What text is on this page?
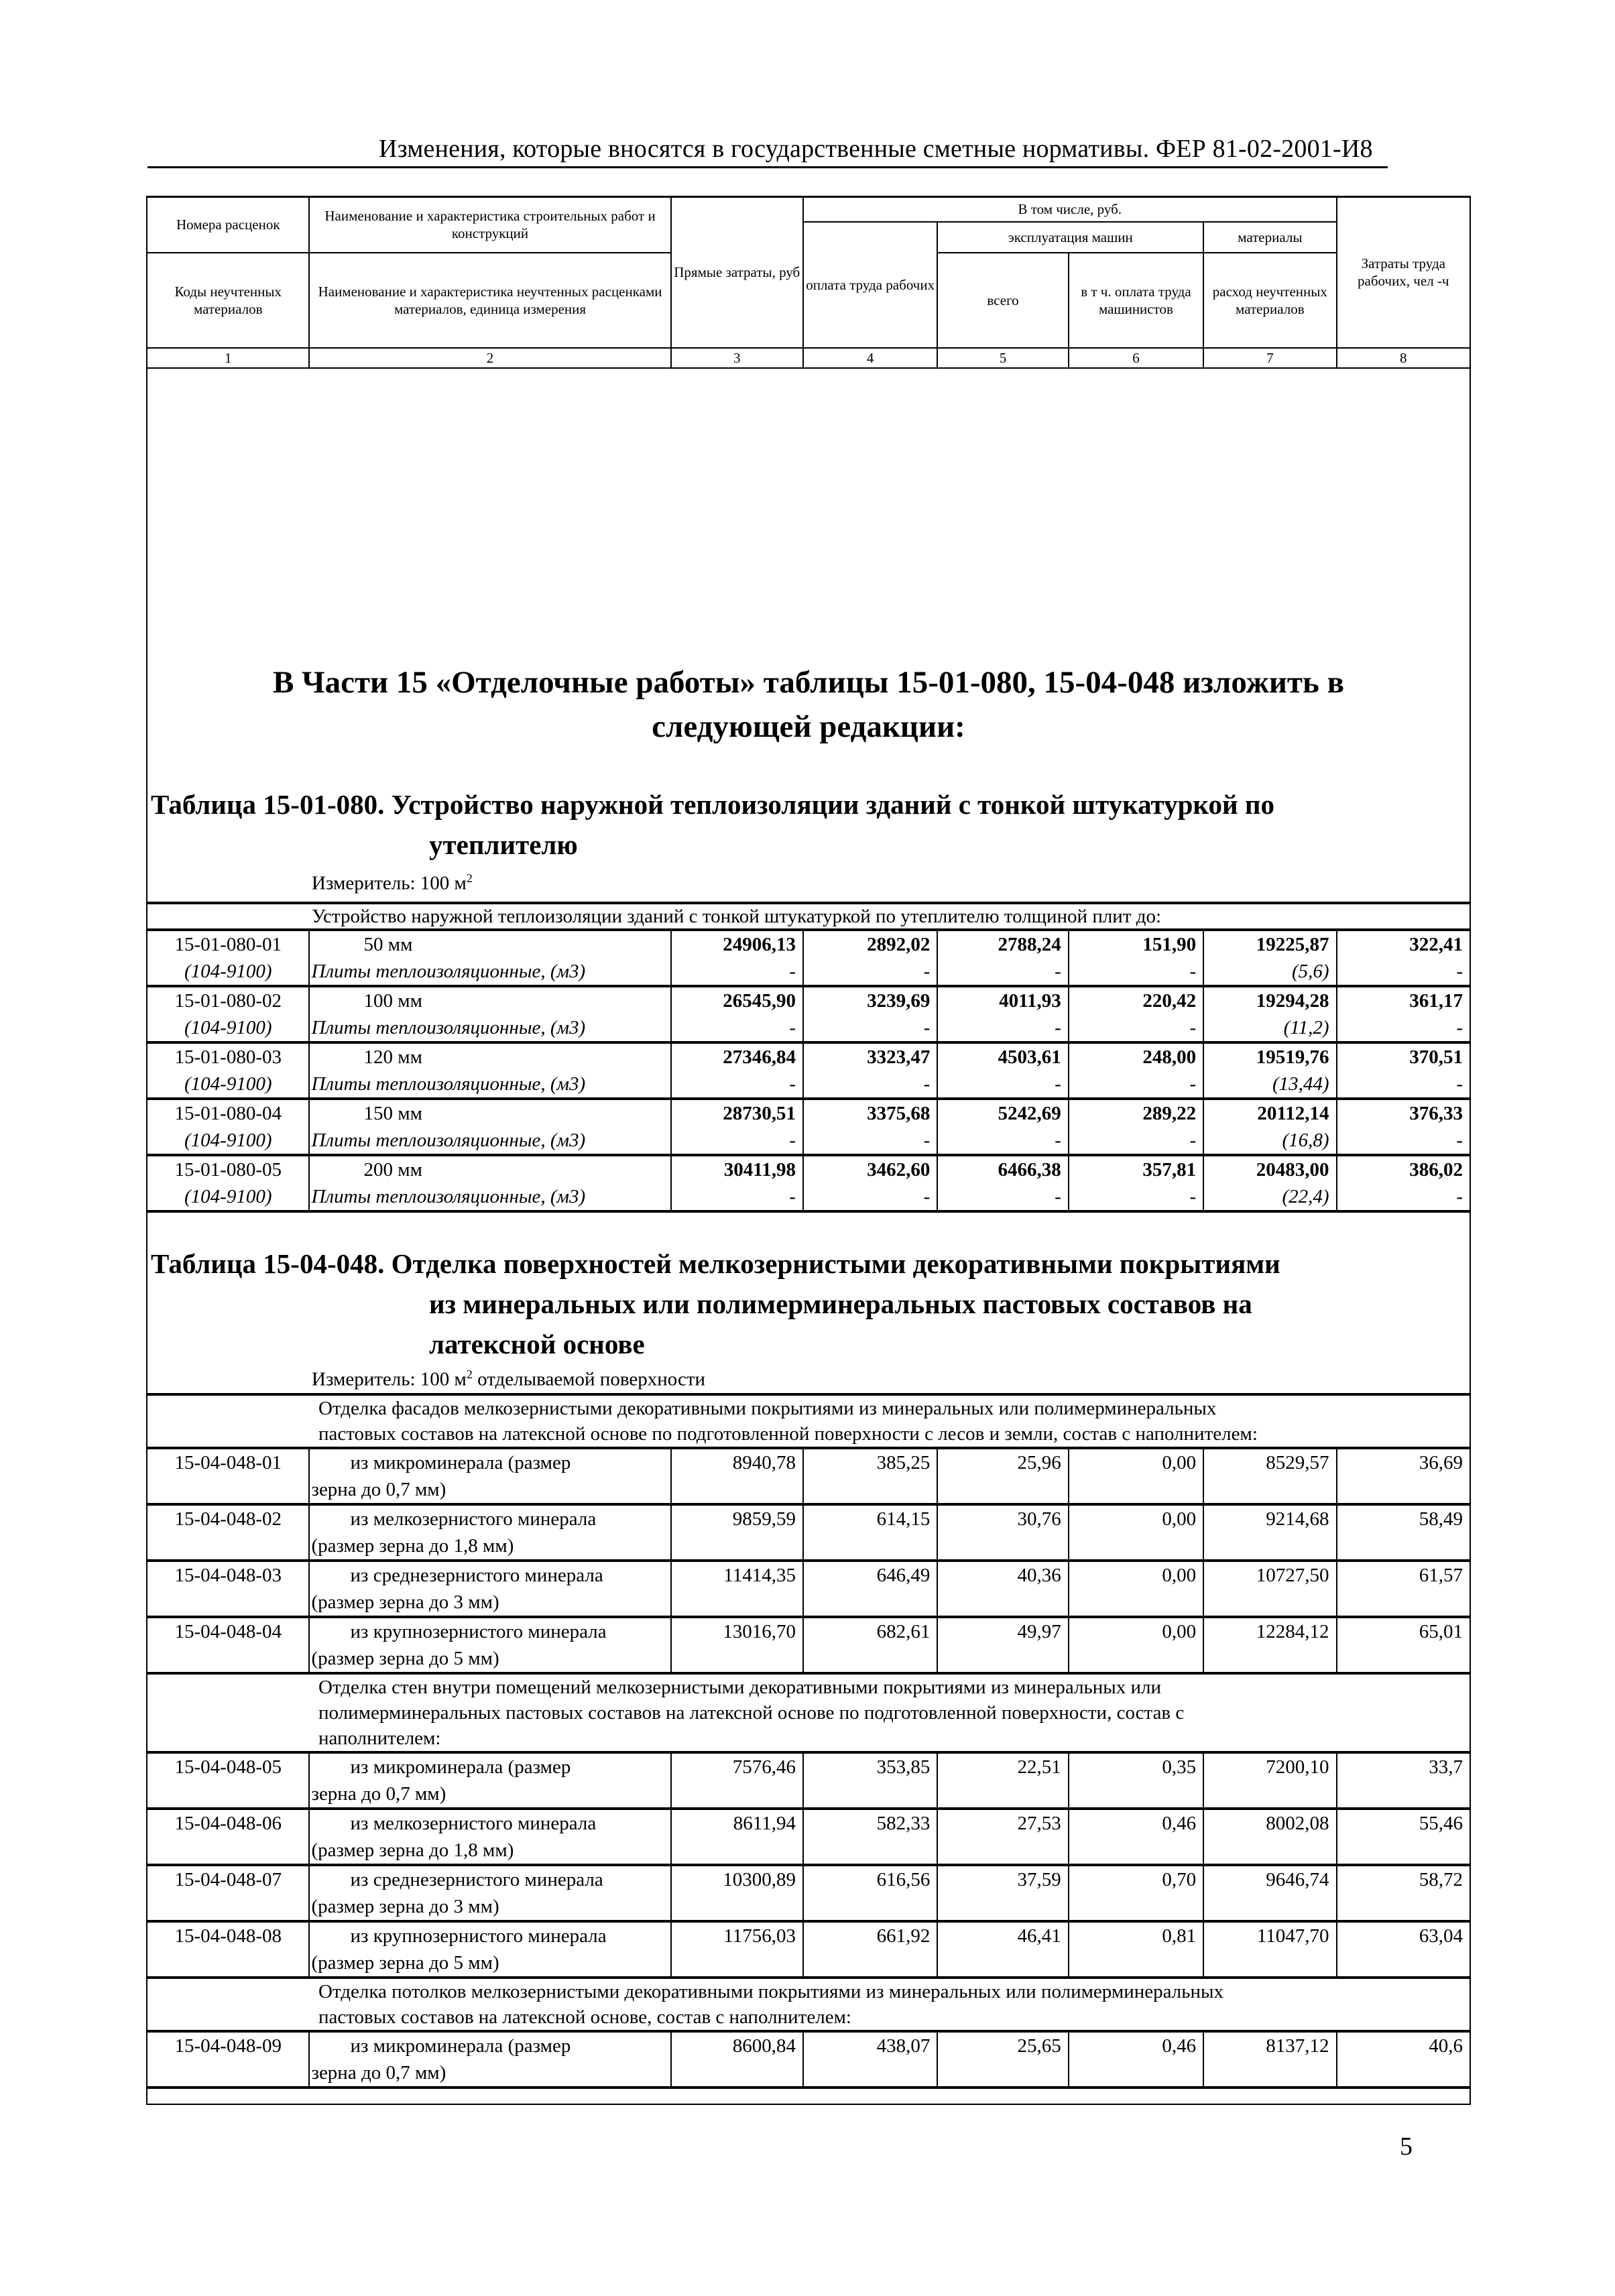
Изменения, которые вносятся в государственные сметные нормативы. ФЕР 81-02-2001-И8
Номера расценок	Наименование и характеристика строительных работ и конструкций	Прямые затраты, руб	В том числе, руб.				Затраты труда рабочих, чел -ч
			оплата труда рабочих	эксплуатация машин		материалы	
Коды неучтенных материалов	Наименование и характеристика неучтенных расценками материалов, единица измерения			всего	в т ч. оплата труда машинистов	расход неучтенных материалов	

1	2	3	4	5	6	7	8
В Части 15 «Отделочные работы» таблицы 15-01-080, 15-04-048 изложить в
следующей редакции:
Таблица 15-01-080. Устройство наружной теплоизоляции зданий с тонкой штукатуркой по
утеплителю
Измеритель: 100 $м^2$
Устройство наружной теплоизоляции зданий с тонкой штукатуркой по утеплителю толщиной плит до:							
15-01-080-01	50 мм	24906,13	2892,02	2788,24	151,90	19225,87	322,41
(104-9100)	Плиты теплоизоляционные, (м3)	-	-	-	-	(5,6)	-
15-01-080-02	100 мм	26545,90	3239,69	4011,93	220,42	19294,28	361,17
(104-9100)	Плиты теплоизоляционные, (м3)	-	-	-	-	(11,2)	-
15-01-080-03	120 мм	27346,84	3323,47	4503,61	248,00	19519,76	370,51
(104-9100)	Плиты теплоизоляционные, (м3)	-	-	-	-	(13,44)	-
15-01-080-04	150 мм	28730,51	3375,68	5242,69	289,22	20112,14	376,33
(104-9100)	Плиты теплоизоляционные, (м3)	-	-	-	-	(16,8)	-
15-01-080-05	200 мм	30411,98	3462,60	6466,38	357,81	20483,00	386,02
(104-9100)	Плиты теплоизоляционные, (м3)	-	-	-	-	(22,4)	-
Таблица 15-04-048. Отделка поверхностей мелкозернистыми декоративными покрытиями
из минеральных или полимерминеральных пастовых составов на
латексной основе
Измеритель: 100 $м^2$ отделываемой поверхности
Отделка фасадов мелкозернистыми декоративными покрытиями из минеральных или полимерминеральных
пастовых составов на латексной основе по подготовленной поверхности с лесов и земли, состав с наполнителем:							

15-04-048-01	из микроминерала (размер
зерна до 0,7 мм)	8940,78	385,25	25,96	0,00	8529,57	36,69
15-04-048-02	из мелкозернистого минерала
(размер зерна до 1,8 мм)	9859,59	614,15	30,76	0,00	9214,68	58,49
15-04-048-03	из среднезернистого минерала
(размер зерна до 3 мм)	11414,35	646,49	40,36	0,00	10727,50	61,57
15-04-048-04	из крупнозернистого минерала
(размер зерна до 5 мм)	13016,70	682,61	49,97	0,00	12284,12	65,01

Отделка стен внутри помещений мелкозернистыми декоративными покрытиями из минеральных или
полимерминеральных пастовых составов на латексной основе по подготовленной поверхности, состав с
наполнителем:							

15-04-048-05	из микроминерала (размер
зерна до 0,7 мм)	7576,46	353,85	22,51	0,35	7200,10	33,7
15-04-048-06	из мелкозернистого минерала
(размер зерна до 1,8 мм)	8611,94	582,33	27,53	0,46	8002,08	55,46
15-04-048-07	из среднезернистого минерала
(размер зерна до 3 мм)	10300,89	616,56	37,59	0,70	9646,74	58,72
15-04-048-08	из крупнозернистого минерала
(размер зерна до 5 мм)	11756,03	661,92	46,41	0,81	11047,70	63,04

Отделка потолков мелкозернистыми декоративными покрытиями из минеральных или полимерминеральных
пастовых составов на латексной основе, состав с наполнителем:							

15-04-048-09	из микроминерала (размер
зерна до 0,7 мм)	8600,84	438,07	25,65	0,46	8137,12	40,6
5
